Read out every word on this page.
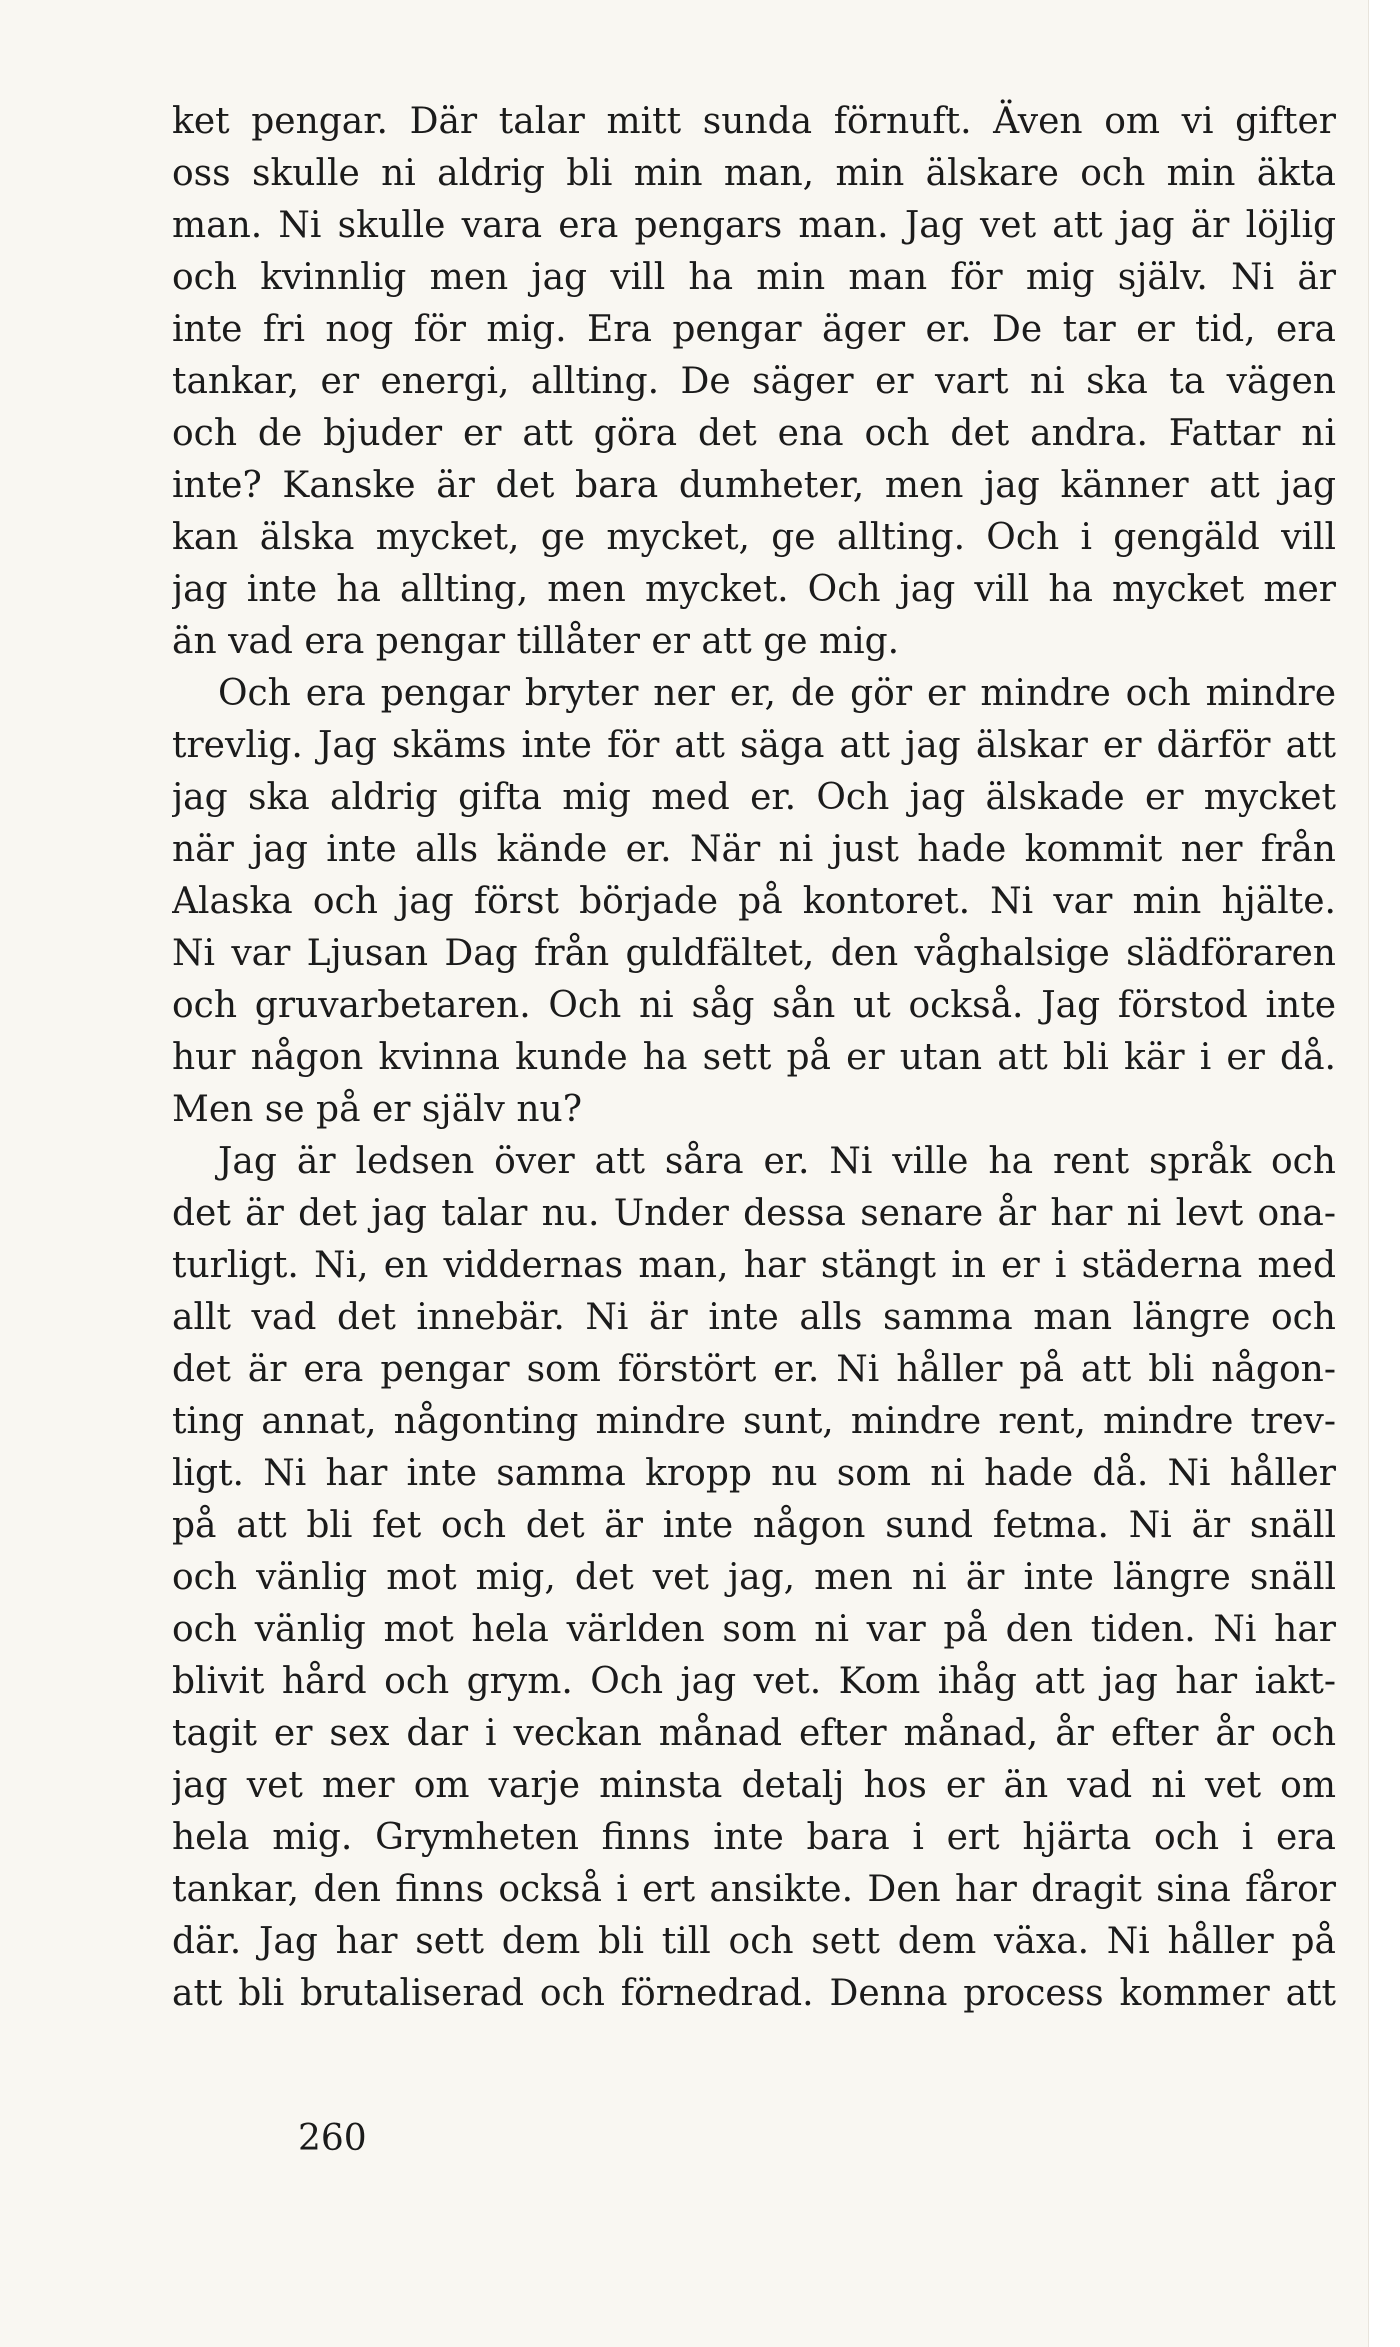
ket pengar. Där talar mitt sunda förnuft. Även om vi gifter
oss skulle ni aldrig bli min man, min älskare och min äkta
man. Ni skulle vara era pengars man. Jag vet att jag är löjlig
och kvinnlig men jag vill ha min man för mig själv. Ni är
inte fri nog för mig. Era pengar äger er. De tar er tid, era
tankar, er energi, allting. De säger er vart ni ska ta vägen
och de bjuder er att göra det ena och det andra. Fattar ni
inte? Kanske är det bara dumheter, men jag känner att jag
kan älska mycket, ge mycket, ge allting. Och i gengäld vill
jag inte ha allting, men mycket. Och jag vill ha mycket mer
än vad era pengar tillåter er att ge mig.
Och era pengar bryter ner er, de gör er mindre och mindre
trevlig. Jag skäms inte för att säga att jag älskar er därför att
jag ska aldrig gifta mig med er. Och jag älskade er mycket
när jag inte alls kände er. När ni just hade kommit ner från
Alaska och jag först började på kontoret. Ni var min hjälte.
Ni var Ljusan Dag från guldfältet, den våghalsige slädföraren
och gruvarbetaren. Och ni såg sån ut också. Jag förstod inte
hur någon kvinna kunde ha sett på er utan att bli kär i er då.
Men se på er själv nu?
Jag är ledsen över att såra er. Ni ville ha rent språk och
det är det jag talar nu. Under dessa senare år har ni levt ona-
turligt. Ni, en viddernas man, har stängt in er i städerna med
allt vad det innebär. Ni är inte alls samma man längre och
det är era pengar som förstört er. Ni håller på att bli någon-
ting annat, någonting mindre sunt, mindre rent, mindre trev-
ligt. Ni har inte samma kropp nu som ni hade då. Ni håller
på att bli fet och det är inte någon sund fetma. Ni är snäll
och vänlig mot mig, det vet jag, men ni är inte längre snäll
och vänlig mot hela världen som ni var på den tiden. Ni har
blivit hård och grym. Och jag vet. Kom ihåg att jag har iakt-
tagit er sex dar i veckan månad efter månad, år efter år och
jag vet mer om varje minsta detalj hos er än vad ni vet om
hela mig. Grymheten finns inte bara i ert hjärta och i era
tankar, den finns också i ert ansikte. Den har dragit sina fåror
där. Jag har sett dem bli till och sett dem växa. Ni håller på
att bli brutaliserad och förnedrad. Denna process kommer att
260
